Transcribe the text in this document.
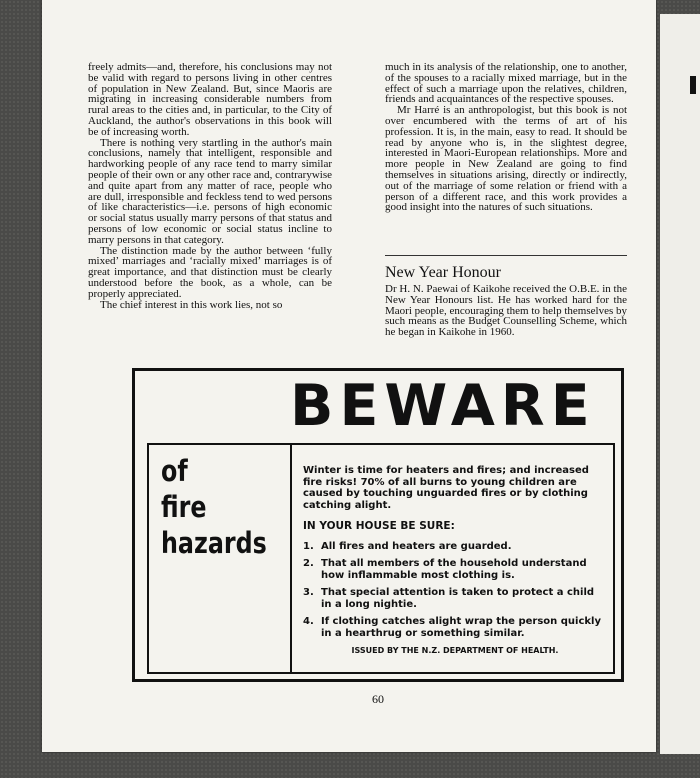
freely admits—and, therefore, his conclusions may not be valid with regard to persons living in other centres of population in New Zealand. But, since Maoris are migrating in increasing considerable numbers from rural areas to the cities and, in particular, to the City of Auckland, the author's observations in this book will be of increasing worth.

There is nothing very startling in the author's main conclusions, namely that intelligent, responsible and hardworking people of any race tend to marry similar people of their own or any other race and, contrarywise and quite apart from any matter of race, people who are dull, irresponsible and feckless tend to wed persons of like characteristics—i.e. persons of high economic or social status usually marry persons of that status and persons of low economic or social status incline to marry persons in that category.

The distinction made by the author between ‘fully mixed’ marriages and ‘racially mixed’ marriages is of great importance, and that distinction must be clearly understood before the book, as a whole, can be properly appreciated.

The chief interest in this work lies, not so

much in its analysis of the relationship, one to another, of the spouses to a racially mixed marriage, but in the effect of such a marriage upon the relatives, children, friends and acquaintances of the respective spouses.

Mr Harré is an anthropologist, but this book is not over encumbered with the terms of art of his profession. It is, in the main, easy to read. It should be read by anyone who is, in the slightest degree, interested in Maori-European relationships. More and more people in New Zealand are going to find themselves in situations arising, directly or indirectly, out of the marriage of some relation or friend with a person of a different race, and this work provides a good insight into the natures of such situations.

New Year Honour

Dr H. N. Paewai of Kaikohe received the O.B.E. in the New Year Honours list. He has worked hard for the Maori people, encouraging them to help themselves by such means as the Budget Counselling Scheme, which he began in Kaikohe in 1960.

BEWARE
of
fire
hazards

Winter is time for heaters and fires; and increased fire risks! 70% of all burns to young children are caused by touching unguarded fires or by clothing catching alight.

IN YOUR HOUSE BE SURE:

1. All fires and heaters are guarded.
2. That all members of the household understand how inflammable most clothing is.
3. That special attention is taken to protect a child in a long nightie.
4. If clothing catches alight wrap the person quickly in a hearthrug or something similar.

ISSUED BY THE N.Z. DEPARTMENT OF HEALTH.

60
